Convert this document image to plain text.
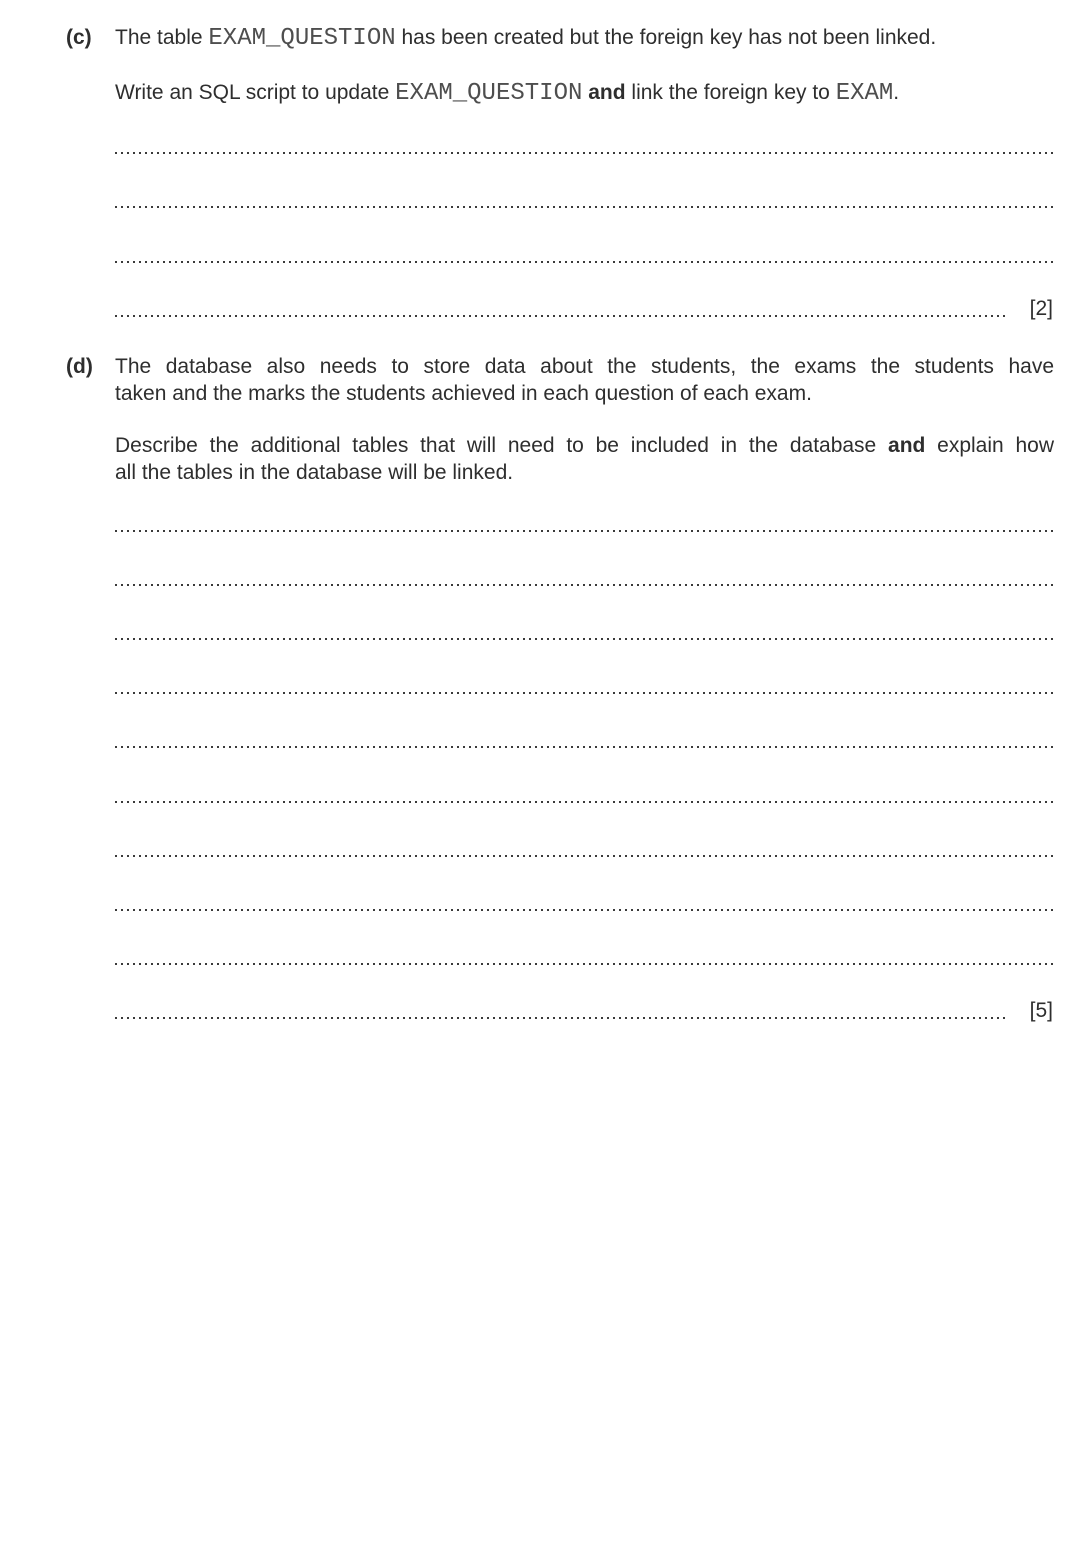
(c)	The table EXAM_QUESTION has been created but the foreign key has not been linked.
Write an SQL script to update EXAM_QUESTION and link the foreign key to EXAM.
[2]
(d)	The database also needs to store data about the students, the exams the students have
taken and the marks the students achieved in each question of each exam.
Describe the additional tables that will need to be included in the database and explain how
all the tables in the database will be linked.
[5]
